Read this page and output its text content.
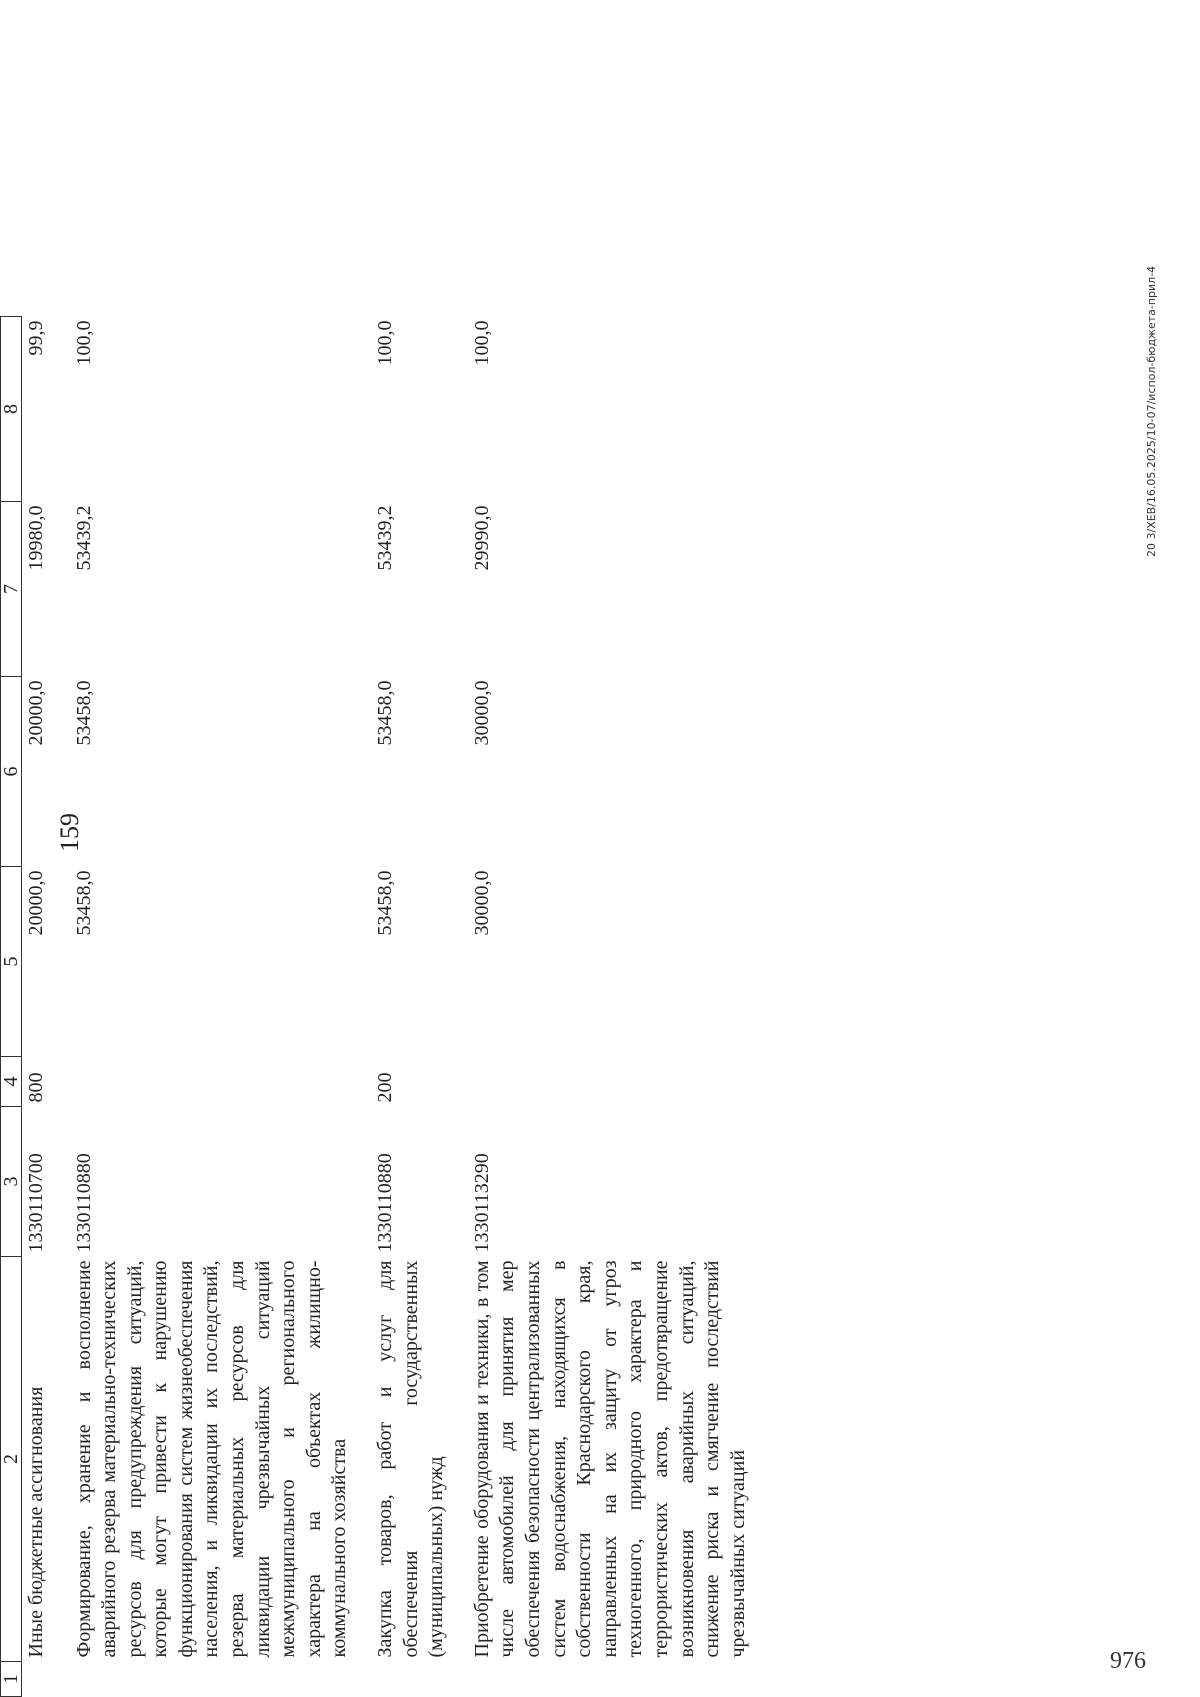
159
1	2	3	4	5	6	7	8
	Иные бюджетные ассигнования	1330110700	800	20000,0	20000,0	19980,0	99,9
	Формирование, хранение и восполнение аварийного резерва материально-технических ресурсов для предупреждения ситуаций, которые могут привести к нарушению функционирования систем жизнеобеспечения населения, и ликвидации их последствий, резерва материальных ресурсов для ликвидации чрезвычайных ситуаций межмуниципального и регионального характера на объектах жилищно-коммунального хозяйства	1330110880		53458,0	53458,0	53439,2	100,0
	Закупка товаров, работ и услуг для обеспечения государственных (муниципальных) нужд	1330110880	200	53458,0	53458,0	53439,2	100,0
	Приобретение оборудования и техники, в том числе автомобилей для принятия мер обеспечения безопасности централизованных систем водоснабжения, находящихся в собственности Краснодарского края, направленных на их защиту от угроз техногенного, природного характера и террористических актов, предотвращение возникновения аварийных ситуаций, снижение риска и смягчение последствий чрезвычайных ситуаций	1330113290		30000,0	30000,0	29990,0	100,0	20 3/XEB/16.05.2025/10-07/испол-бюджета-прил-4
976
